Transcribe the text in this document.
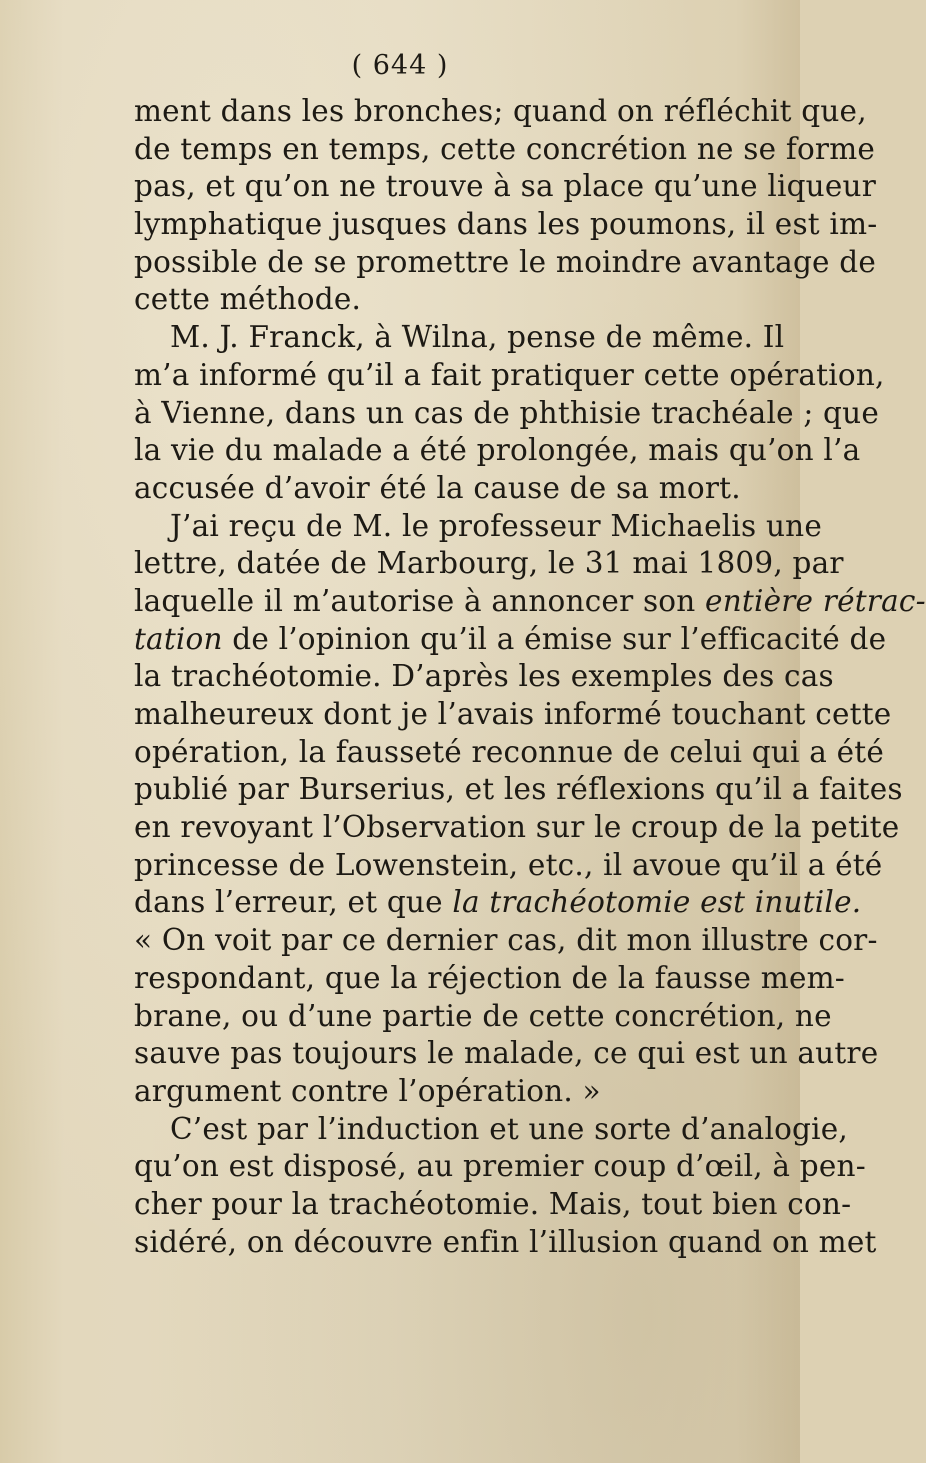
( 644 )
ment dans les bronches; quand on réfléchit que,
de temps en temps, cette concrétion ne se forme
pas, et qu’on ne trouve à sa place qu’une liqueur
lymphatique jusques dans les poumons, il est im-
possible de se promettre le moindre avantage de
cette méthode.
M. J. Franck, à Wilna, pense de même. Il
m’a informé qu’il a fait pratiquer cette opération,
à Vienne, dans un cas de phthisie trachéale ; que
la vie du malade a été prolongée, mais qu’on l’a
accusée d’avoir été la cause de sa mort.
J’ai reçu de M. le professeur Michaelis une
lettre, datée de Marbourg, le 31 mai 1809, par
laquelle il m’autorise à annoncer son entière rétrac-
tation de l’opinion qu’il a émise sur l’efficacité de
la trachéotomie. D’après les exemples des cas
malheureux dont je l’avais informé touchant cette
opération, la fausseté reconnue de celui qui a été
publié par Burserius, et les réflexions qu’il a faites
en revoyant l’Observation sur le croup de la petite
princesse de Lowenstein, etc., il avoue qu’il a été
dans l’erreur, et que la trachéotomie est inutile.
« On voit par ce dernier cas, dit mon illustre cor-
respondant, que la réjection de la fausse mem-
brane, ou d’une partie de cette concrétion, ne
sauve pas toujours le malade, ce qui est un autre
argument contre l’opération. »
C’est par l’induction et une sorte d’analogie,
qu’on est disposé, au premier coup d’œil, à pen-
cher pour la trachéotomie. Mais, tout bien con-
sidéré, on découvre enfin l’illusion quand on met
